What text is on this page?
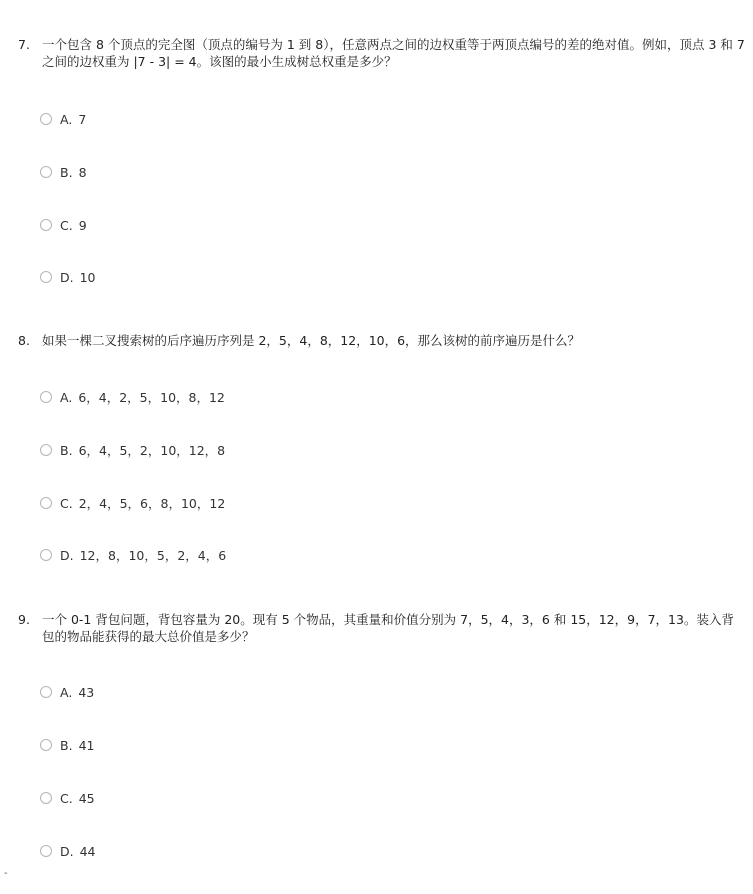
7. 一个包含 8 个顶点的完全图（顶点的编号为 1 到 8），任意两点之间的边权重等于两顶点编号的差的绝对值。例如，顶点 3 和 7 之间的边权重为 |7 - 3| = 4。该图的最小生成树总权重是多少？
A. 7
B. 8
C. 9
D. 10
8. 如果一棵二叉搜索树的后序遍历序列是 2，5，4，8，12，10，6，那么该树的前序遍历是什么？
A. 6，4，2，5，10，8，12
B. 6，4，5，2，10，12，8
C. 2，4，5，6，8，10，12
D. 12，8，10，5，2，4，6
9. 一个 0-1 背包问题，背包容量为 20。现有 5 个物品，其重量和价值分别为 7，5，4，3，6 和 15，12，9，7，13。装入背包的物品能获得的最大总价值是多少？
A. 43
B. 41
C. 45
D. 44
-
